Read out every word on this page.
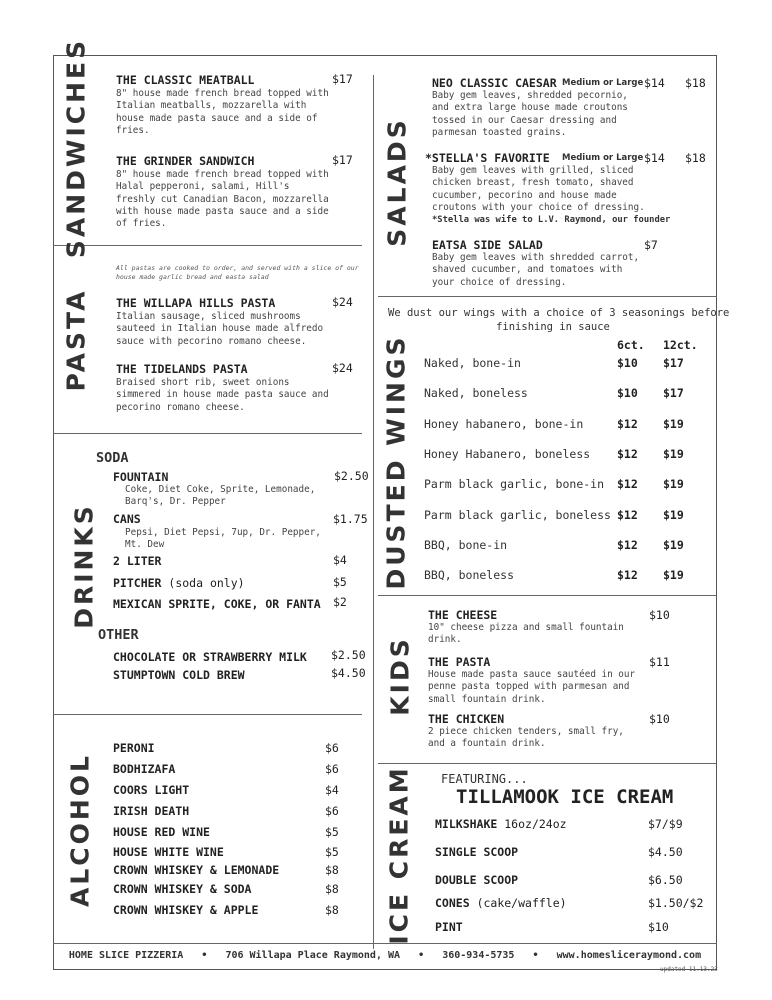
SANDWICHES
PASTA
DRINKS
ALCOHOL
SALADS
DUSTED WINGS
KIDS
ICE CREAM
THE CLASSIC MEATBALL	$17
8" house made french bread topped with
Italian meatballs, mozzarella with
house made pasta sauce and a side of
fries.
THE GRINDER SANDWICH	$17
8" house made french bread topped with
Halal pepperoni, salami, Hill's
freshly cut Canadian Bacon, mozzarella
with house made pasta sauce and a side
of fries.
All pastas are cooked to order, and served with a slice of our
house made garlic bread and easta salad
THE WILLAPA HILLS PASTA	$24
Italian sausage, sliced mushrooms
sauteed in Italian house made alfredo
sauce with pecorino romano cheese.
THE TIDELANDS PASTA	$24
Braised short rib, sweet onions
simmered in house made pasta sauce and
pecorino romano cheese.
SODA
FOUNTAIN	$2.50
Coke, Diet Coke, Sprite, Lemonade,
Barq's, Dr. Pepper
CANS	$1.75
Pepsi, Diet Pepsi, 7up, Dr. Pepper,
Mt. Dew
2 LITER	$4
PITCHER (soda only)	$5
MEXICAN SPRITE, COKE, OR FANTA $2
OTHER
CHOCOLATE OR STRAWBERRY MILK $2.50
STUMPTOWN COLD BREW	$4.50
PERONI	$6
BODHIZAFA	$6
COORS LIGHT	$4
IRISH DEATH	$6
HOUSE RED WINE	$5
HOUSE WHITE WINE	$5
CROWN WHISKEY & LEMONADE	$8
CROWN WHISKEY & SODA	$8
CROWN WHISKEY & APPLE	$8
NEO CLASSIC CAESAR Medium or Large $14 $18
Baby gem leaves, shredded pecornio,
and extra large house made croutons
tossed in our Caesar dressing and
parmesan toasted grains.
*STELLA'S FAVORITE Medium or Large $14 $18
Baby gem leaves with grilled, sliced
chicken breast, fresh tomato, shaved
cucumber, pecorino and house made
croutons with your choice of dressing.
*Stella was wife to L.V. Raymond, our founder
EATSA SIDE SALAD	$7
Baby gem leaves with shredded carrot,
shaved cucumber, and tomatoes with
your choice of dressing.
We dust our wings with a choice of 3 seasonings before
finishing in sauce
6ct. 12ct.
Naked, bone-in	$10 $17
Naked, boneless	$10 $17
Honey habanero, bone-in	$12 $19
Honey Habanero, boneless $12 $19
Parm black garlic, bone-in $12 $19
Parm black garlic, boneless $12 $19
BBQ, bone-in	$12 $19
BBQ, boneless	$12 $19
THE CHEESE	$10
10" cheese pizza and small fountain
drink.
THE PASTA	$11
House made pasta sauce sautéed in our
penne pasta topped with parmesan and
small fountain drink.
THE CHICKEN	$10
2 piece chicken tenders, small fry,
and a fountain drink.
FEATURING...
TILLAMOOK ICE CREAM
MILKSHAKE 16oz/24oz	$7/$9
SINGLE SCOOP	$4.50
DOUBLE SCOOP	$6.50
CONES (cake/waffle)	$1.50/$2
PINT	$10
HOME SLICE PIZZERIA • 706 Willapa Place Raymond, WA • 360-934-5735 • www.homesliceraymond.com
updated 11.13.23
